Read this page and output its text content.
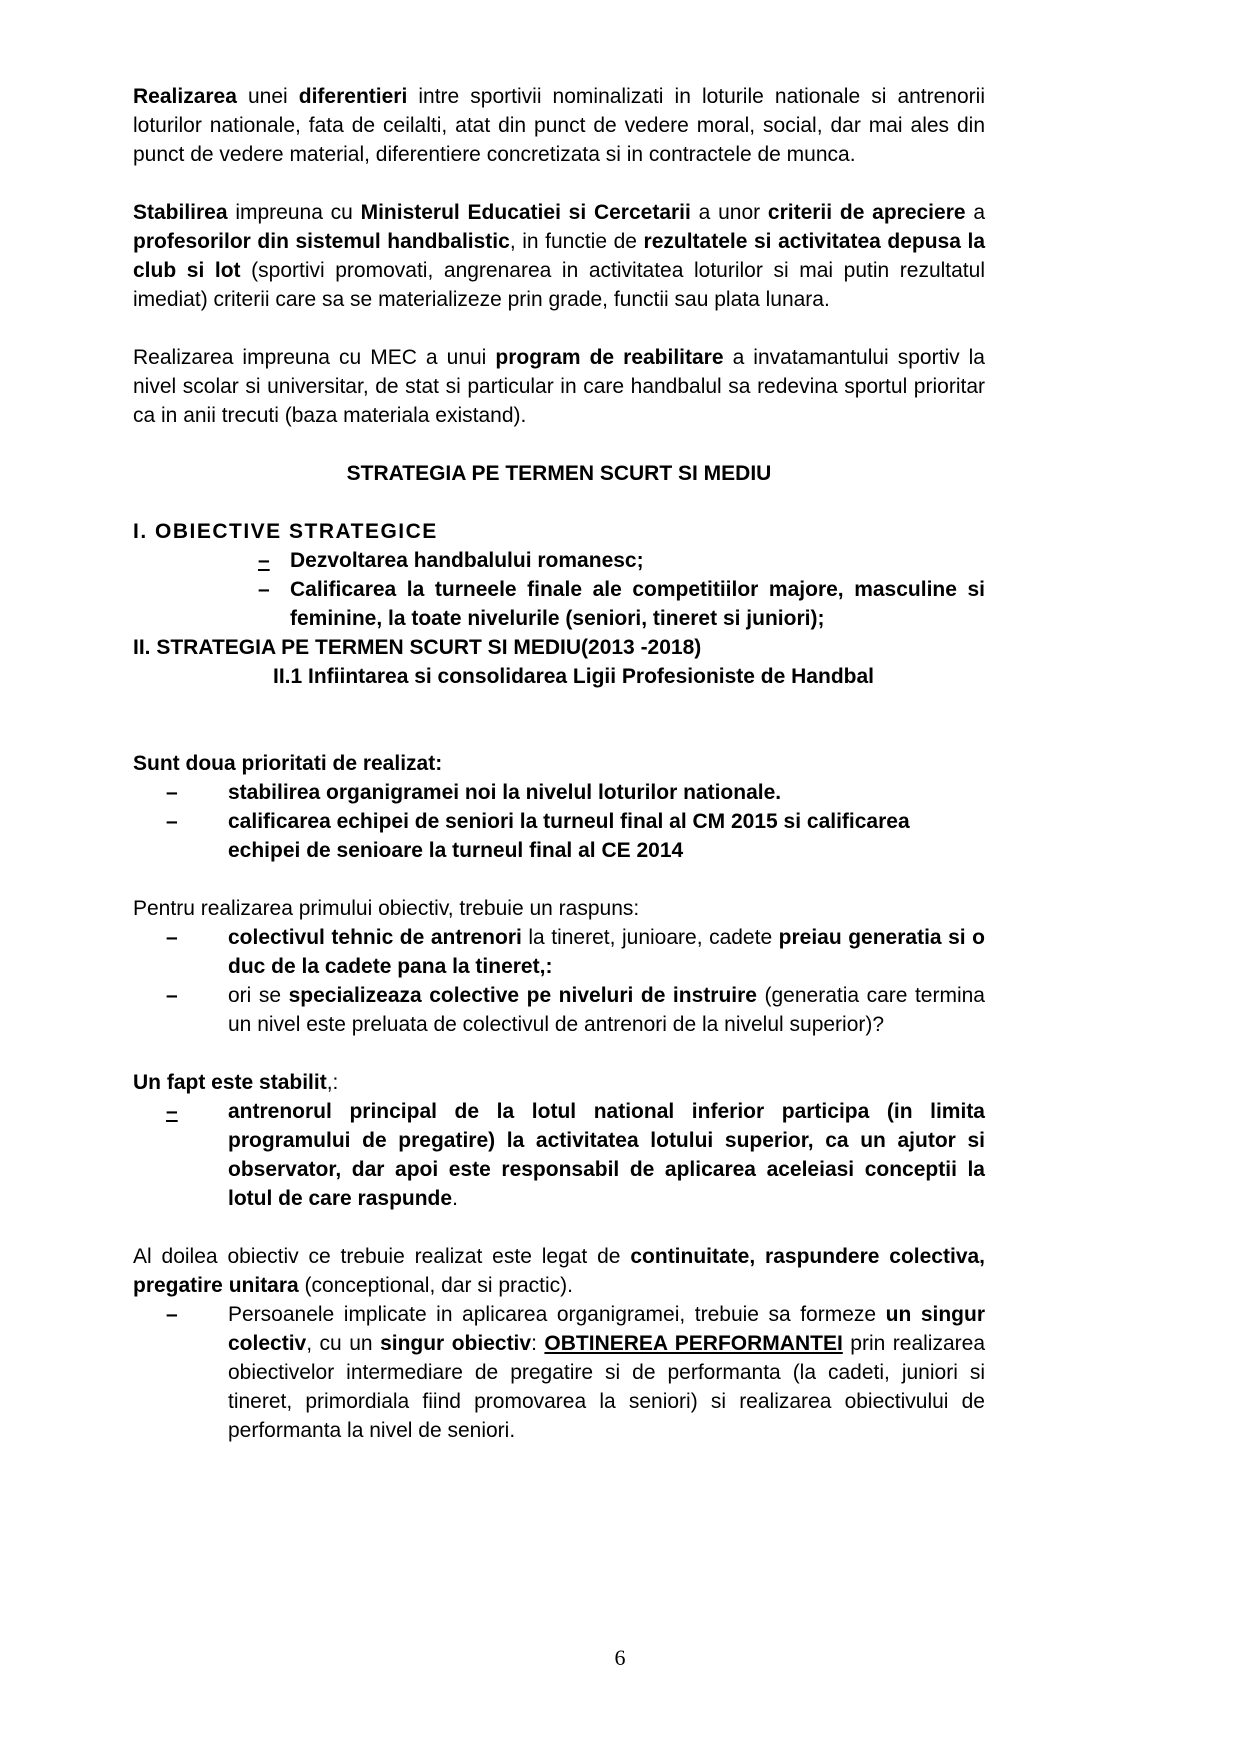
Realizarea unei diferentieri intre sportivii nominalizati in loturile nationale si antrenorii loturilor nationale, fata de ceilalti, atat din punct de vedere moral, social, dar mai ales din punct de vedere material, diferentiere concretizata si in contractele de munca.

Stabilirea impreuna cu Ministerul Educatiei si Cercetarii a unor criterii de apreciere a profesorilor din sistemul handbalistic, in functie de rezultatele si activitatea depusa la club si lot (sportivi promovati, angrenarea in activitatea loturilor si mai putin rezultatul imediat) criterii care sa se materializeze prin grade, functii sau plata lunara.

Realizarea impreuna cu MEC a unui program de reabilitare a invatamantului sportiv la nivel scolar si universitar, de stat si particular in care handbalul sa redevina sportul prioritar ca in anii trecuti (baza materiala existand).

STRATEGIA PE TERMEN SCURT SI MEDIU
I. OBIECTIVE STRATEGICE
– Dezvoltarea handbalului romanesc;
– Calificarea la turneele finale ale competitiilor majore, masculine si feminine, la toate nivelurile (seniori, tineret si juniori);
II. STRATEGIA PE TERMEN SCURT SI MEDIU(2013 -2018)
II.1 Infiintarea si consolidarea Ligii Profesioniste de Handbal
Sunt doua prioritati de realizat:
– stabilirea organigramei noi la nivelul loturilor nationale.
– calificarea echipei de seniori la turneul final al CM 2015 si calificarea echipei de senioare la turneul final al CE 2014
Pentru realizarea primului obiectiv, trebuie un raspuns:
– colectivul tehnic de antrenori la tineret, junioare, cadete preiau generatia si o duc de la cadete pana la tineret,:
– ori se specializeaza colective pe niveluri de instruire (generatia care termina un nivel este preluata de colectivul de antrenori de la nivelul superior)?
Un fapt este stabilit,:
– antrenorul principal de la lotul national inferior participa (in limita programului de pregatire) la activitatea lotului superior, ca un ajutor si observator, dar apoi este responsabil de aplicarea aceleiasi conceptii la lotul de care raspunde.

Al doilea obiectiv ce trebuie realizat este legat de continuitate, raspundere colectiva, pregatire unitara (conceptional, dar si practic).

– Persoanele implicate in aplicarea organigramei, trebuie sa formeze un singur colectiv, cu un singur obiectiv: OBTINEREA PERFORMANTEI prin realizarea obiectivelor intermediare de pregatire si de performanta (la cadeti, juniori si tineret, primordiala fiind promovarea la seniori) si realizarea obiectivului de performanta la nivel de seniori.
6
